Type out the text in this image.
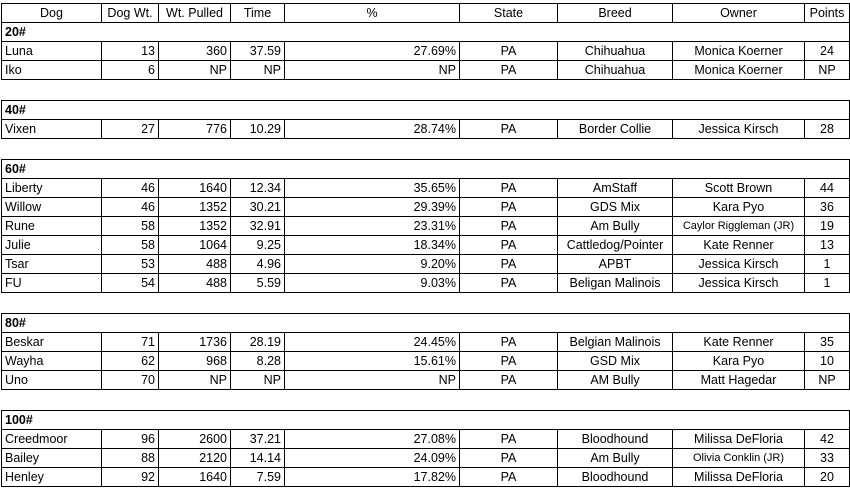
Dog	Dog Wt.	Wt. Pulled	Time	%	State	Breed	Owner	Points
20#								
Luna	13	360	37.59	27.69%	PA	Chihuahua	Monica Koerner	24
Iko	6	NP	NP	NP	PA	Chihuahua	Monica Koerner	NP

40#								
Vixen	27	776	10.29	28.74%	PA	Border Collie	Jessica Kirsch	28

60#								
Liberty	46	1640	12.34	35.65%	PA	AmStaff	Scott Brown	44
Willow	46	1352	30.21	29.39%	PA	GDS Mix	Kara Pyo	36
Rune	58	1352	32.91	23.31%	PA	Am Bully	Caylor Riggleman (JR)	19
Julie	58	1064	9.25	18.34%	PA	Cattledog/Pointer	Kate Renner	13
Tsar	53	488	4.96	9.20%	PA	APBT	Jessica Kirsch	1
FU	54	488	5.59	9.03%	PA	Beligan Malinois	Jessica Kirsch	1

80#								
Beskar	71	1736	28.19	24.45%	PA	Belgian Malinois	Kate Renner	35
Wayha	62	968	8.28	15.61%	PA	GSD Mix	Kara Pyo	10
Uno	70	NP	NP	NP	PA	AM Bully	Matt Hagedar	NP

100#								
Creedmoor	96	2600	37.21	27.08%	PA	Bloodhound	Milissa DeFloria	42
Bailey	88	2120	14.14	24.09%	PA	Am Bully	Olivia Conklin (JR)	33
Henley	92	1640	7.59	17.82%	PA	Bloodhound	Milissa DeFloria	20
